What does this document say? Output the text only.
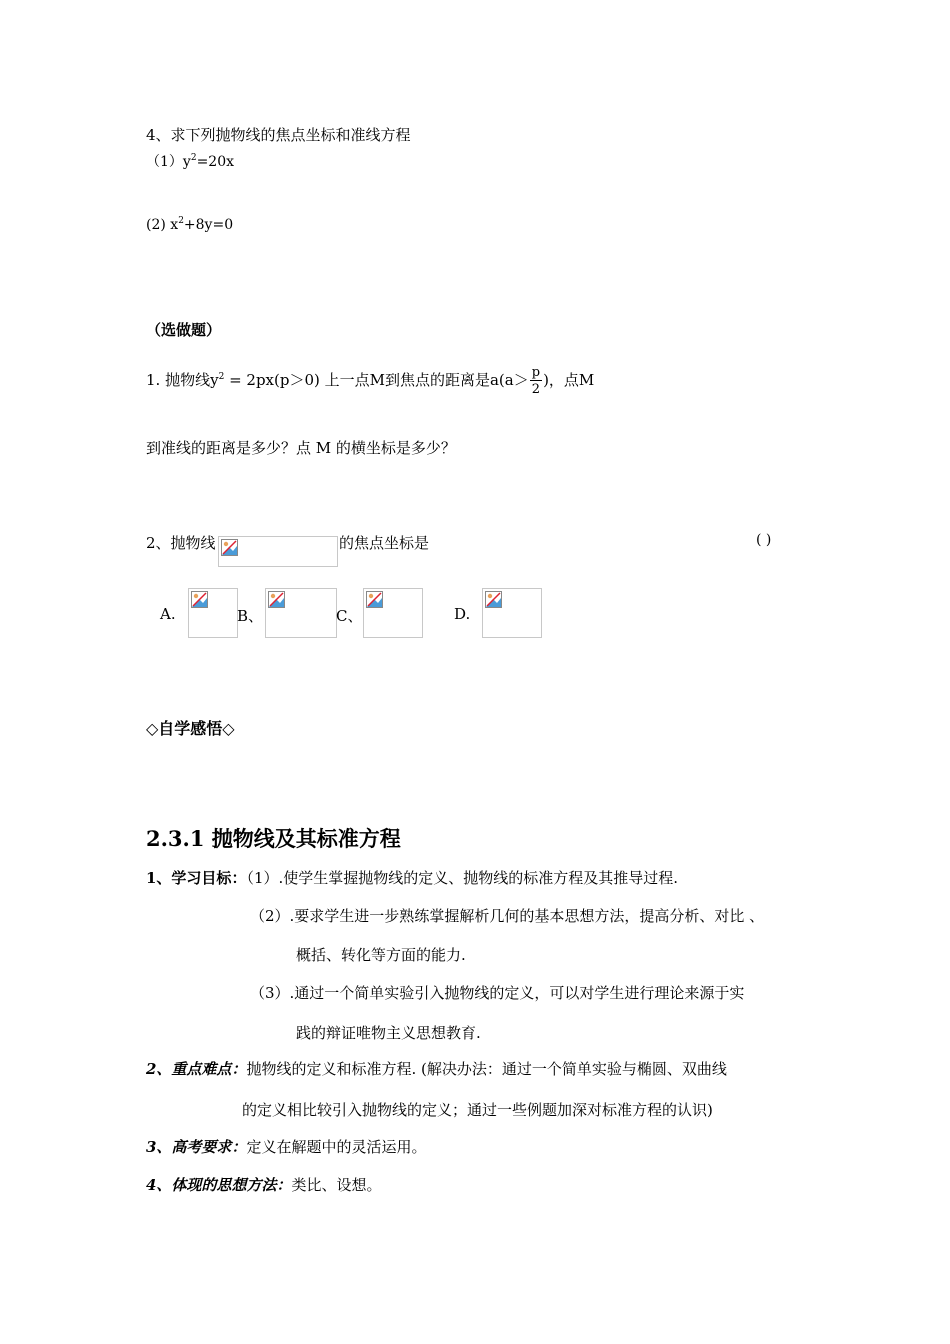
4、求下列抛物线的焦点坐标和准线方程
$(1)y^2=20x$
(2) $x^2+8y=0$
（选做题）
1. 抛物线$y^2 = 2px(p>0)$ 上一点M到焦点的距离是$a(a> \frac{p}{2}$ )，点M
到准线的距离是多少？点 M 的横坐标是多少？
2、抛物线	的焦点坐标是	( )
A.	B、	C、	D.
◇自学感悟◇
2.3.1 抛物线及其标准方程
1、学习目标：（1）.使学生掌握抛物线的定义、抛物线的标准方程及其推导过程.
（2）.要求学生进一步熟练掌握解析几何的基本思想方法，提高分析、对比 、
概括、转化等方面的能力.
（3）.通过一个简单实验引入抛物线的定义，可以对学生进行理论来源于实
践的辩证唯物主义思想教育.
2、重点难点：抛物线的定义和标准方程. (解决办法：通过一个简单实验与椭圆、双曲线
的定义相比较引入抛物线的定义；通过一些例题加深对标准方程的认识)
3、高考要求：定义在解题中的灵活运用。
4、体现的思想方法：类比、设想。
